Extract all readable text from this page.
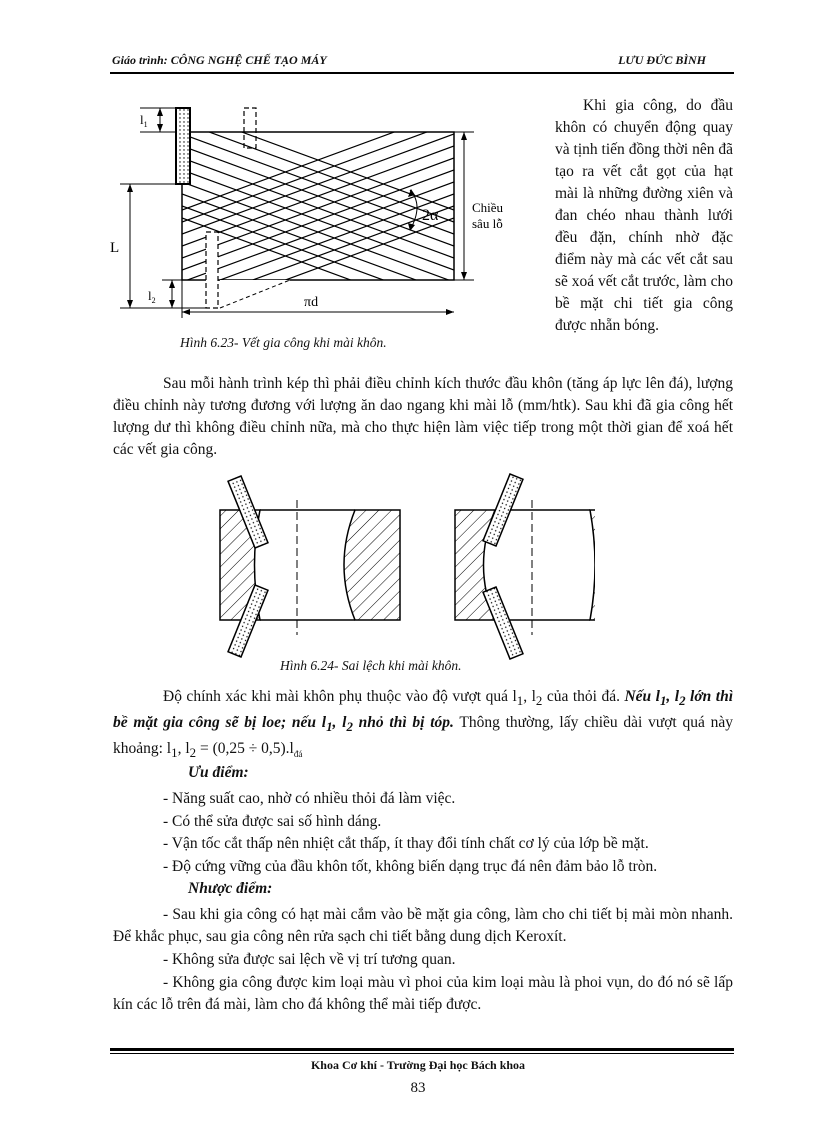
Giáo trình: CÔNG NGHỆ CHẾ TẠO MÁY	LƯU ĐỨC BÌNH
$l_1$
L
$l_2$
2α	Chiều
sâu lỗ
πd
Hình 6.23- Vết gia công khi mài khôn.
Khi gia công, do đầu khôn có chuyển động quay và tịnh tiến đồng thời nên đã tạo ra vết cắt gọt của hạt mài là những đường xiên và đan chéo nhau thành lưới đều đặn, chính nhờ đặc điểm này mà các vết cắt sau sẽ xoá vết cắt trước, làm cho bề mặt chi tiết gia công được nhẵn bóng.
Sau mỗi hành trình kép thì phải điều chỉnh kích thước đầu khôn (tăng áp lực lên đá), lượng điều chỉnh này tương đương với lượng ăn dao ngang khi mài lỗ (mm/htk). Sau khi đã gia công hết lượng dư thì không điều chỉnh nữa, mà cho thực hiện làm việc tiếp trong một thời gian để xoá hết các vết gia công.
Hình 6.24- Sai lệch khi mài khôn.
Độ chính xác khi mài khôn phụ thuộc vào độ vượt quá $l_1$, $l_2$ của thỏi đá. Nếu $l_1$, $l_2$ lớn thì bề mặt gia công sẽ bị loe; nếu $l_1$, $l_2$ nhỏ thì bị tóp. Thông thường, lấy chiều dài vượt quá này khoảng: $l_1$, $l_2 = (0,25 \div 0,5).l_{đá}$
Ưu điểm:
- Năng suất cao, nhờ có nhiều thỏi đá làm việc.
- Có thể sửa được sai số hình dáng.
- Vận tốc cắt thấp nên nhiệt cắt thấp, ít thay đổi tính chất cơ lý của lớp bề mặt.
- Độ cứng vững của đầu khôn tốt, không biến dạng trục đá nên đảm bảo lỗ tròn.
Nhược điểm:
- Sau khi gia công có hạt mài cắm vào bề mặt gia công, làm cho chi tiết bị mài mòn nhanh. Để khắc phục, sau gia công nên rửa sạch chi tiết bằng dung dịch Keroxít.
- Không sửa được sai lệch về vị trí tương quan.
- Không gia công được kim loại màu vì phoi của kim loại màu là phoi vụn, do đó nó sẽ lấp kín các lỗ trên đá mài, làm cho đá không thể mài tiếp được.
Khoa Cơ khí - Trường Đại học Bách khoa
83
